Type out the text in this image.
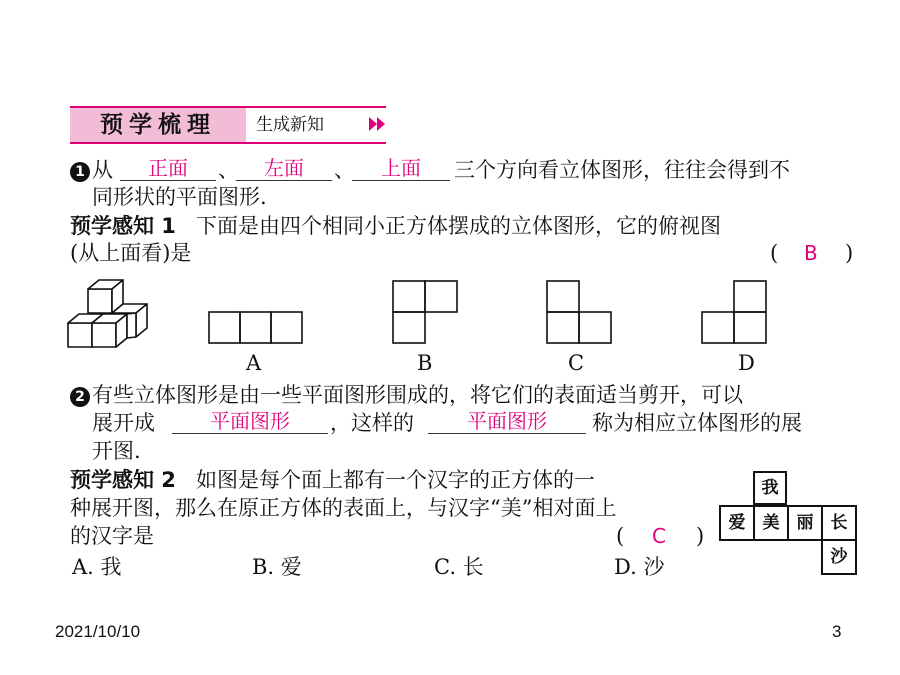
预学梳理	生成新知
1 从	正面	、	左面	、	上面	三个方向看立体图形，往往会得到不
同形状的平面图形.
预学感知 1 下面是由四个相同小正方体摆成的立体图形，它的俯视图
(从上面看)是	( B )
A	B	C	D
2 有些立体图形是由一些平面图形围成的，将它们的表面适当剪开，可以
展开成	平面图形	，这样的	平面图形	称为相应立体图形的展
开图.
预学感知 2 如图是每个面上都有一个汉字的正方体的一
种展开图，那么在原正方体的表面上，与汉字“美”相对面上
的汉字是	( C )
A. 我	B. 爱	C. 长	D. 沙
我
爱	美	丽	长
沙
2021/10/10	3
